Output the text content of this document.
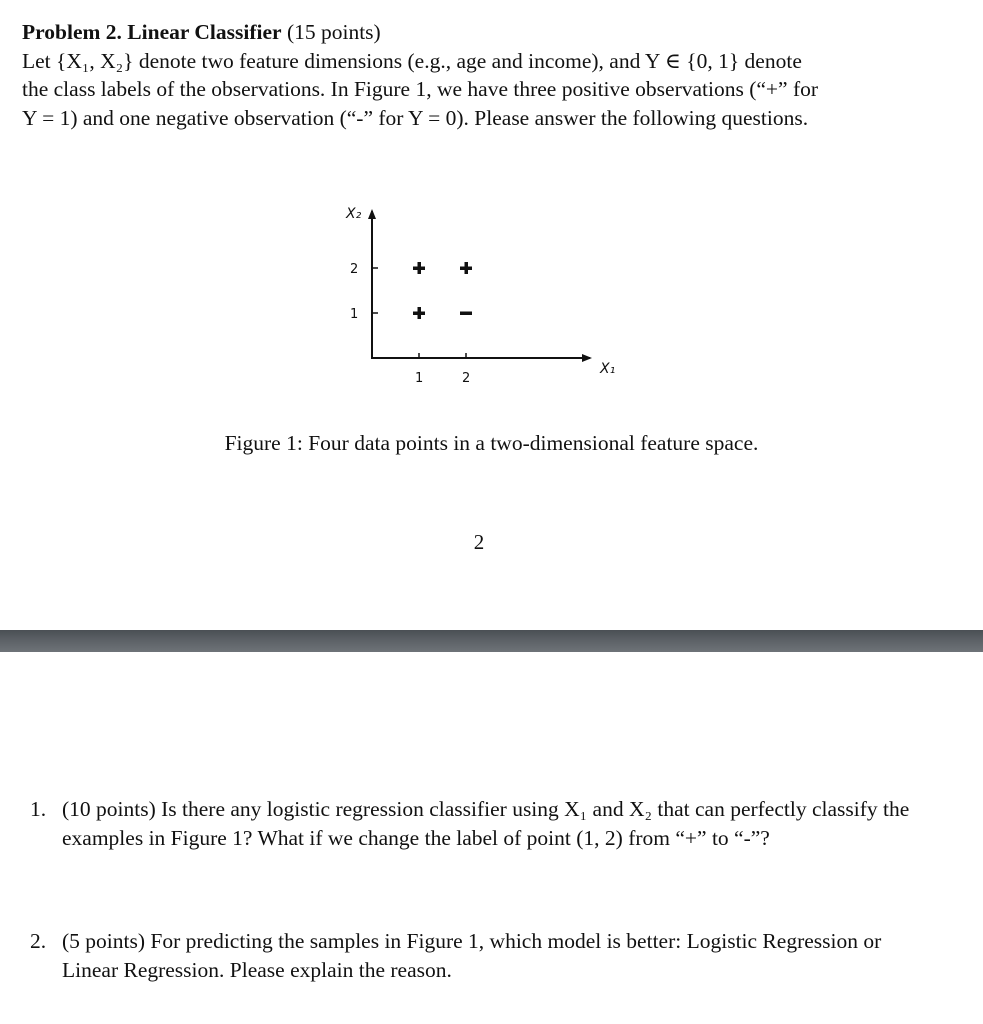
Problem 2. Linear Classifier (15 points)
Let {X₁, X₂} denote two feature dimensions (e.g., age and income), and Y ∈ {0, 1} denote
the class labels of the observations. In Figure 1, we have three positive observations (“+” for
Y = 1) and one negative observation (“-” for Y = 0). Please answer the following questions.
X₂
X₁
2
1
1	2
Figure 1: Four data points in a two-dimensional feature space.
2
1. (10 points) Is there any logistic regression classifier using X₁ and X₂ that can perfectly classify the examples in Figure 1? What if we change the label of point (1, 2) from “+” to “-”?
2. (5 points) For predicting the samples in Figure 1, which model is better: Logistic Regression or Linear Regression. Please explain the reason.
